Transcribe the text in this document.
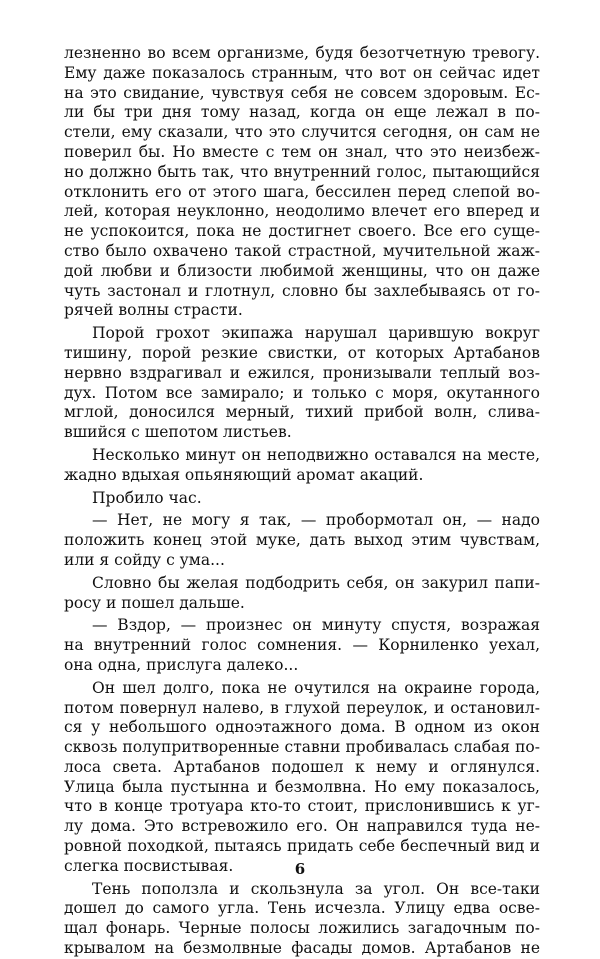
лезненно во всем организме, будя безотчетную тревогу.
Ему даже показалось странным, что вот он сейчас идет
на это свидание, чувствуя себя не совсем здоровым. Ес-
ли бы три дня тому назад, когда он еще лежал в по-
стели, ему сказали, что это случится сегодня, он сам не
поверил бы. Но вместе с тем он знал, что это неизбеж-
но должно быть так, что внутренний голос, пытающийся
отклонить его от этого шага, бессилен перед слепой во-
лей, которая неуклонно, неодолимо влечет его вперед и
не успокоится, пока не достигнет своего. Все его суще-
ство было охвачено такой страстной, мучительной жаж-
дой любви и близости любимой женщины, что он даже
чуть застонал и глотнул, словно бы захлебываясь от го-
рячей волны страсти.
Порой грохот экипажа нарушал царившую вокруг
тишину, порой резкие свистки, от которых Артабанов
нервно вздрагивал и ежился, пронизывали теплый воз-
дух. Потом все замирало; и только с моря, окутанного
мглой, доносился мерный, тихий прибой волн, слива-
вшийся с шепотом листьев.
Несколько минут он неподвижно оставался на месте,
жадно вдыхая опьяняющий аромат акаций.
Пробило час.
— Нет, не могу я так, — пробормотал он, — надо
положить конец этой муке, дать выход этим чувствам,
или я сойду с ума...
Словно бы желая подбодрить себя, он закурил папи-
росу и пошел дальше.
— Вздор, — произнес он минуту спустя, возражая
на внутренний голос сомнения. — Корниленко уехал,
она одна, прислуга далеко...
Он шел долго, пока не очутился на окраине города,
потом повернул налево, в глухой переулок, и остановил-
ся у небольшого одноэтажного дома. В одном из окон
сквозь полупритворенные ставни пробивалась слабая по-
лоса света. Артабанов подошел к нему и оглянулся.
Улица была пустынна и безмолвна. Но ему показалось,
что в конце тротуара кто-то стоит, прислонившись к уг-
лу дома. Это встревожило его. Он направился туда не-
ровной походкой, пытаясь придать себе беспечный вид и
слегка посвистывая.
Тень поползла и скользнула за угол. Он все-таки
дошел до самого угла. Тень исчезла. Улицу едва осве-
щал фонарь. Черные полосы ложились загадочным по-
крывалом на безмолвные фасады домов. Артабанов не
6
